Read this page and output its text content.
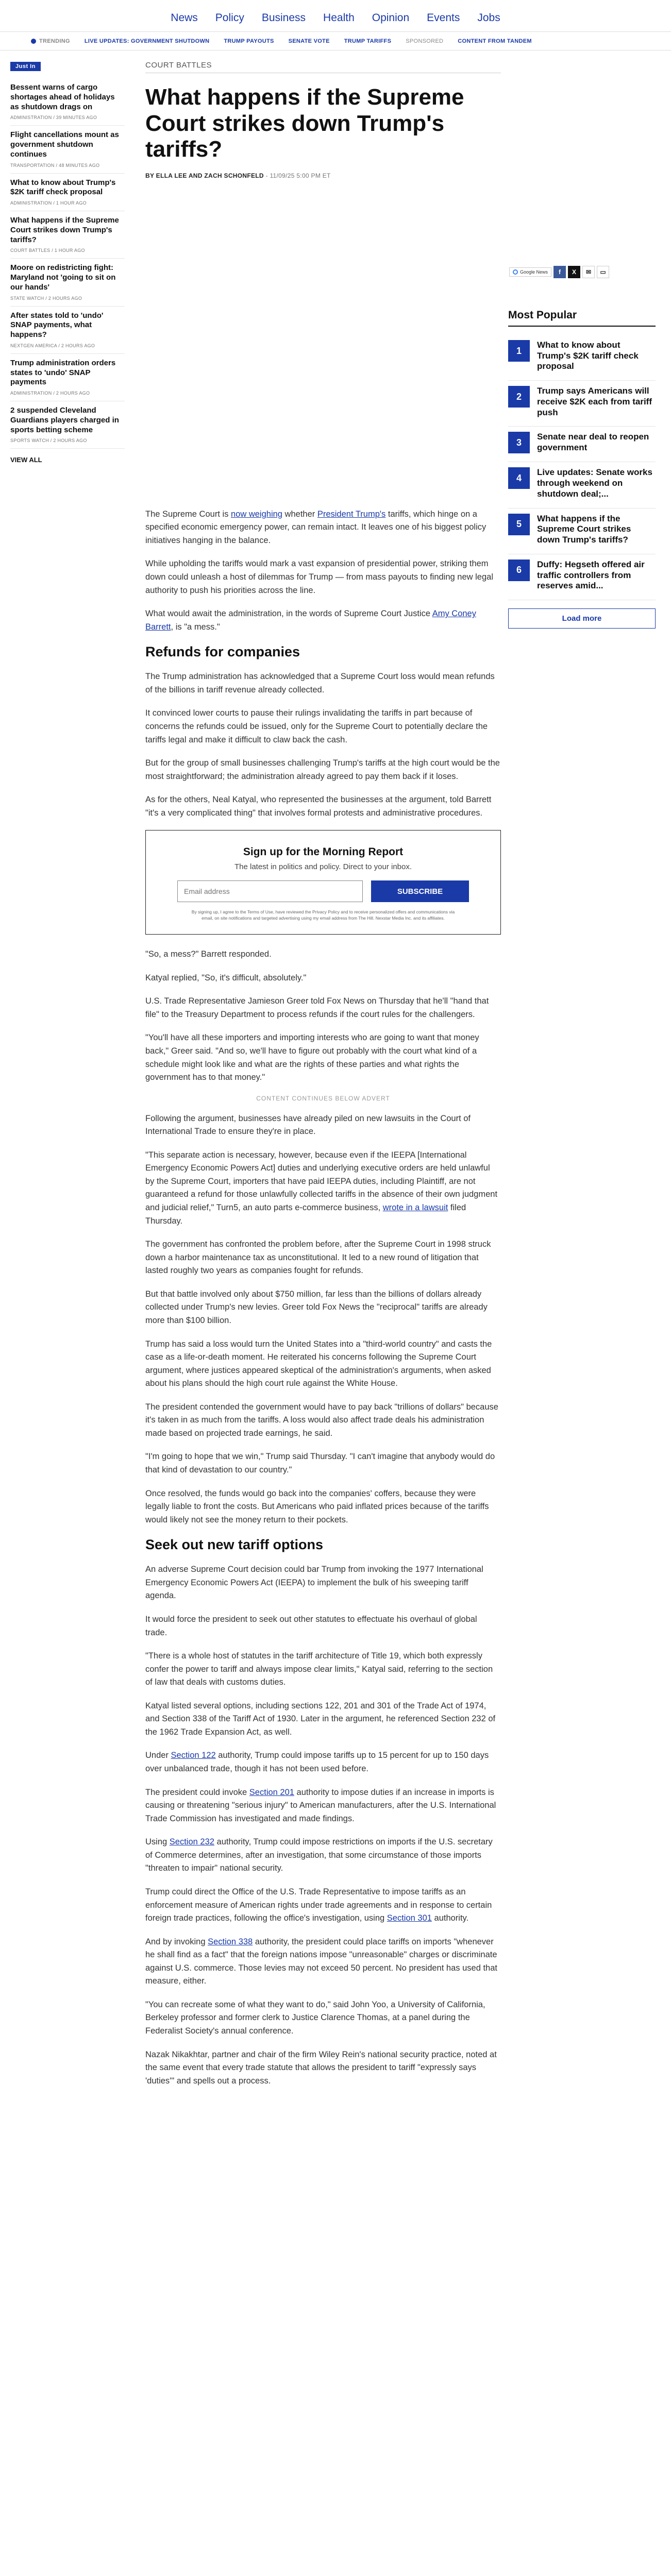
News Policy Business Health Opinion Events Jobs
TRENDING	LIVE UPDATES: GOVERNMENT SHUTDOWN	TRUMP PAYOUTS	SENATE VOTE	TRUMP TARIFFS	SPONSORED	CONTENT FROM TANDEM
Just In
Bessent warns of cargo shortages ahead of holidays as shutdown drags on
ADMINISTRATION / 39 MINUTES AGO
Flight cancellations mount as government shutdown continues
TRANSPORTATION / 48 MINUTES AGO
What to know about Trump's $2K tariff check proposal
ADMINISTRATION / 1 HOUR AGO
What happens if the Supreme Court strikes down Trump's tariffs?
COURT BATTLES / 1 HOUR AGO
Moore on redistricting fight: Maryland not 'going to sit on our hands'
STATE WATCH / 2 HOURS AGO
After states told to 'undo' SNAP payments, what happens?
NEXTGEN AMERICA / 2 HOURS AGO
Trump administration orders states to 'undo' SNAP payments
ADMINISTRATION / 2 HOURS AGO
2 suspended Cleveland Guardians players charged in sports betting scheme
SPORTS WATCH / 2 HOURS AGO
VIEW ALL
Google News	f	X	✉	▭
COURT BATTLES
What happens if the Supreme Court strikes down Trump's tariffs?
BY ELLA LEE AND ZACH SCHONFELD - 11/09/25 5:00 PM ET

The Supreme Court is now weighing whether President Trump's tariffs, which hinge on a specified economic emergency power, can remain intact. It leaves one of his biggest policy initiatives hanging in the balance.

While upholding the tariffs would mark a vast expansion of presidential power, striking them down could unleash a host of dilemmas for Trump — from mass payouts to finding new legal authority to push his priorities across the line.

What would await the administration, in the words of Supreme Court Justice Amy Coney Barrett, is "a mess."

Refunds for companies

The Trump administration has acknowledged that a Supreme Court loss would mean refunds of the billions in tariff revenue already collected.

It convinced lower courts to pause their rulings invalidating the tariffs in part because of concerns the refunds could be issued, only for the Supreme Court to potentially declare the tariffs legal and make it difficult to claw back the cash.

But for the group of small businesses challenging Trump's tariffs at the high court would be the most straightforward; the administration already agreed to pay them back if it loses.

As for the others, Neal Katyal, who represented the businesses at the argument, told Barrett "it's a very complicated thing" that involves formal protests and administrative procedures.

Sign up for the Morning Report
The latest in politics and policy. Direct to your inbox.
Email address
SUBSCRIBE
By signing up, I agree to the Terms of Use, have reviewed the Privacy Policy and to receive personalized offers and communications via email, on site notifications and targeted advertising using my email address from The Hill. Nexstar Media Inc. and its affiliates.

"So, a mess?" Barrett responded.

Katyal replied, "So, it's difficult, absolutely."

U.S. Trade Representative Jamieson Greer told Fox News on Thursday that he'll "hand that file" to the Treasury Department to process refunds if the court rules for the challengers.

"You'll have all these importers and importing interests who are going to want that money back," Greer said. "And so, we'll have to figure out probably with the court what kind of a schedule might look like and what are the rights of these parties and what rights the government has to that money."

CONTENT CONTINUES BELOW ADVERT

Following the argument, businesses have already piled on new lawsuits in the Court of International Trade to ensure they're in place.

"This separate action is necessary, however, because even if the IEEPA [International Emergency Economic Powers Act] duties and underlying executive orders are held unlawful by the Supreme Court, importers that have paid IEEPA duties, including Plaintiff, are not guaranteed a refund for those unlawfully collected tariffs in the absence of their own judgment and judicial relief," Turn5, an auto parts e-commerce business, wrote in a lawsuit filed Thursday.

The government has confronted the problem before, after the Supreme Court in 1998 struck down a harbor maintenance tax as unconstitutional. It led to a new round of litigation that lasted roughly two years as companies fought for refunds.

But that battle involved only about $750 million, far less than the billions of dollars already collected under Trump's new levies. Greer told Fox News the "reciprocal" tariffs are already more than $100 billion.

Trump has said a loss would turn the United States into a "third-world country" and casts the case as a life-or-death moment. He reiterated his concerns following the Supreme Court argument, where justices appeared skeptical of the administration's arguments, when asked about his plans should the high court rule against the White House.

The president contended the government would have to pay back "trillions of dollars" because it's taken in as much from the tariffs. A loss would also affect trade deals his administration made based on projected trade earnings, he said.

"I'm going to hope that we win," Trump said Thursday. "I can't imagine that anybody would do that kind of devastation to our country."

Once resolved, the funds would go back into the companies' coffers, because they were legally liable to front the costs. But Americans who paid inflated prices because of the tariffs would likely not see the money return to their pockets.

Seek out new tariff options

An adverse Supreme Court decision could bar Trump from invoking the 1977 International Emergency Economic Powers Act (IEEPA) to implement the bulk of his sweeping tariff agenda.

It would force the president to seek out other statutes to effectuate his overhaul of global trade.

"There is a whole host of statutes in the tariff architecture of Title 19, which both expressly confer the power to tariff and always impose clear limits," Katyal said, referring to the section of law that deals with customs duties.

Katyal listed several options, including sections 122, 201 and 301 of the Trade Act of 1974, and Section 338 of the Tariff Act of 1930. Later in the argument, he referenced Section 232 of the 1962 Trade Expansion Act, as well.

Under Section 122 authority, Trump could impose tariffs up to 15 percent for up to 150 days over unbalanced trade, though it has not been used before.

The president could invoke Section 201 authority to impose duties if an increase in imports is causing or threatening "serious injury" to American manufacturers, after the U.S. International Trade Commission has investigated and made findings.

Using Section 232 authority, Trump could impose restrictions on imports if the U.S. secretary of Commerce determines, after an investigation, that some circumstance of those imports "threaten to impair" national security.

Trump could direct the Office of the U.S. Trade Representative to impose tariffs as an enforcement measure of American rights under trade agreements and in response to certain foreign trade practices, following the office's investigation, using Section 301 authority.

And by invoking Section 338 authority, the president could place tariffs on imports "whenever he shall find as a fact" that the foreign nations impose "unreasonable" charges or discriminate against U.S. commerce. Those levies may not exceed 50 percent. No president has used that measure, either.

"You can recreate some of what they want to do," said John Yoo, a University of California, Berkeley professor and former clerk to Justice Clarence Thomas, at a panel during the Federalist Society's annual conference.

Nazak Nikakhtar, partner and chair of the firm Wiley Rein's national security practice, noted at the same event that every trade statute that allows the president to tariff "expressly says 'duties'" and spells out a process.

Most Popular
1
What to know about Trump's $2K tariff check proposal
2
Trump says Americans will receive $2K each from tariff push
3
Senate near deal to reopen government
4
Live updates: Senate works through weekend on shutdown deal;...
5
What happens if the Supreme Court strikes down Trump's tariffs?
6
Duffy: Hegseth offered air traffic controllers from reserves amid...
Load more
